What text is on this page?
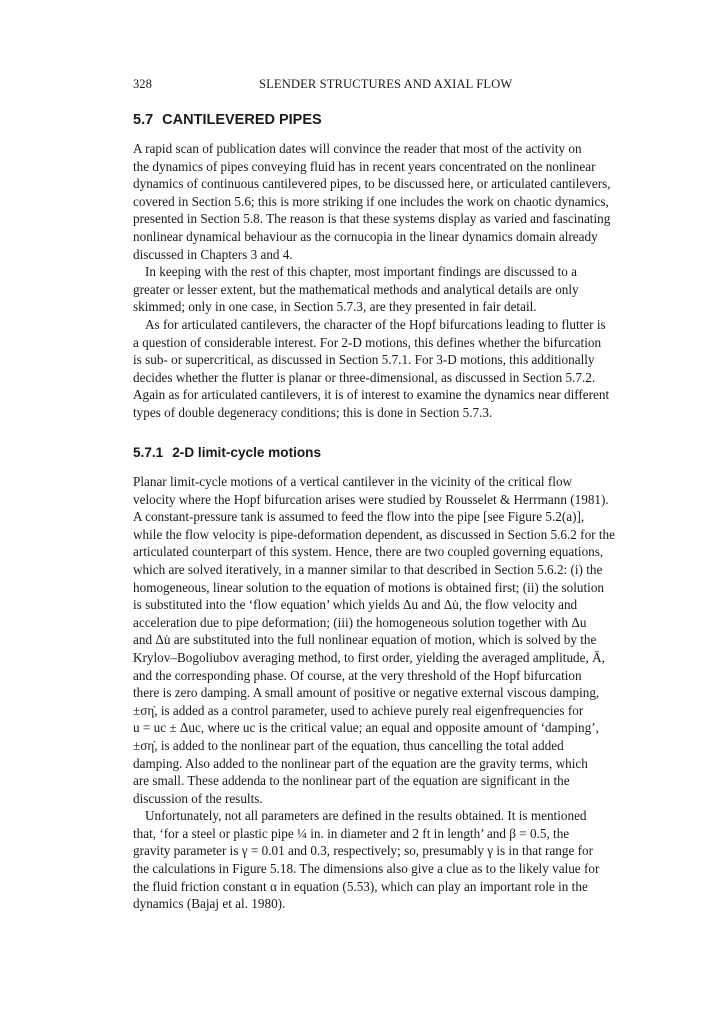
328	SLENDER STRUCTURES AND AXIAL FLOW
5.7 CANTILEVERED PIPES
A rapid scan of publication dates will convince the reader that most of the activity on
the dynamics of pipes conveying fluid has in recent years concentrated on the nonlinear
dynamics of continuous cantilevered pipes, to be discussed here, or articulated cantilevers,
covered in Section 5.6; this is more striking if one includes the work on chaotic dynamics,
presented in Section 5.8. The reason is that these systems display as varied and fascinating
nonlinear dynamical behaviour as the cornucopia in the linear dynamics domain already
discussed in Chapters 3 and 4.
In keeping with the rest of this chapter, most important findings are discussed to a
greater or lesser extent, but the mathematical methods and analytical details are only
skimmed; only in one case, in Section 5.7.3, are they presented in fair detail.
As for articulated cantilevers, the character of the Hopf bifurcations leading to flutter is
a question of considerable interest. For 2-D motions, this defines whether the bifurcation
is sub- or supercritical, as discussed in Section 5.7.1. For 3-D motions, this additionally
decides whether the flutter is planar or three-dimensional, as discussed in Section 5.7.2.
Again as for articulated cantilevers, it is of interest to examine the dynamics near different
types of double degeneracy conditions; this is done in Section 5.7.3.
5.7.1 2-D limit-cycle motions
Planar limit-cycle motions of a vertical cantilever in the vicinity of the critical flow
velocity where the Hopf bifurcation arises were studied by Rousselet & Herrmann (1981).
A constant-pressure tank is assumed to feed the flow into the pipe [see Figure 5.2(a)],
while the flow velocity is pipe-deformation dependent, as discussed in Section 5.6.2 for the
articulated counterpart of this system. Hence, there are two coupled governing equations,
which are solved iteratively, in a manner similar to that described in Section 5.6.2: (i) the
homogeneous, linear solution to the equation of motions is obtained first; (ii) the solution
is substituted into the ‘flow equation’ which yields Δu and Δu̇, the flow velocity and
acceleration due to pipe deformation; (iii) the homogeneous solution together with Δu
and Δu̇ are substituted into the full nonlinear equation of motion, which is solved by the
Krylov–Bogoliubov averaging method, to first order, yielding the averaged amplitude, Ā,
and the corresponding phase. Of course, at the very threshold of the Hopf bifurcation
there is zero damping. A small amount of positive or negative external viscous damping,
±ση̇, is added as a control parameter, used to achieve purely real eigenfrequencies for
u = uc ± Δuc, where uc is the critical value; an equal and opposite amount of ‘damping’,
±ση̇, is added to the nonlinear part of the equation, thus cancelling the total added
damping. Also added to the nonlinear part of the equation are the gravity terms, which
are small. These addenda to the nonlinear part of the equation are significant in the
discussion of the results.
Unfortunately, not all parameters are defined in the results obtained. It is mentioned
that, ‘for a steel or plastic pipe ¼ in. in diameter and 2 ft in length’ and β = 0.5, the
gravity parameter is γ = 0.01 and 0.3, respectively; so, presumably γ is in that range for
the calculations in Figure 5.18. The dimensions also give a clue as to the likely value for
the fluid friction constant α in equation (5.53), which can play an important role in the
dynamics (Bajaj et al. 1980).
